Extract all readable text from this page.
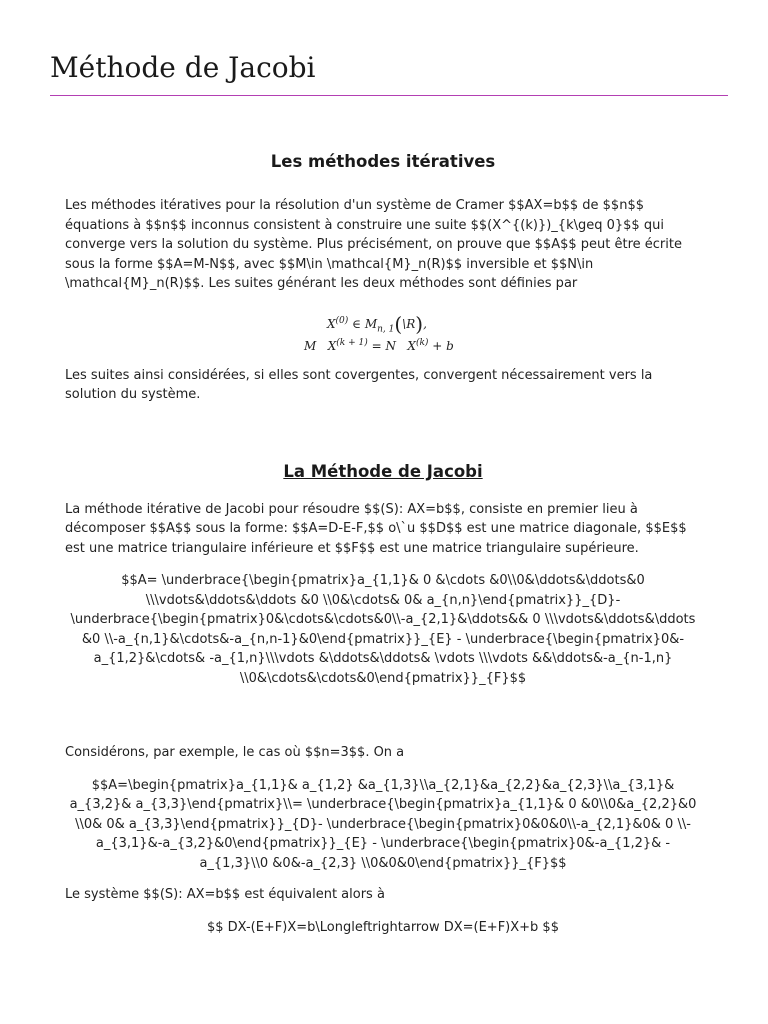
Méthode de Jacobi
Les méthodes itératives

Les méthodes itératives pour la résolution d'un système de Cramer $$AX=b$$ de $$n$$ équations à $$n$$ inconnus consistent à construire une suite $$(X^{(k)})_{k\geq 0}$$ qui converge vers la solution du système. Plus précisément, on prouve que $$A$$ peut être écrite sous la forme $$A=M-N$$, avec $$M\in \mathcal{M}_n(R)$$ inversible et $$N\in \mathcal{M}_n(R)$$. Les suites générant les deux méthodes sont définies par

$X^{(0)}$ ∈ $M_{n, 1}(\backslash R)$,
M $X^{(k + 1)} = N$ $X^{(k)} + b$

Les suites ainsi considérées, si elles sont covergentes, convergent nécessairement vers la solution du système.

La Méthode de Jacobi

La méthode itérative de Jacobi pour résoudre $$(S): AX=b$$, consiste en premier lieu à décomposer $$A$$ sous la forme: $$A=D-E-F,$$ o\`u $$D$$ est une matrice diagonale, $$E$$ est une matrice triangulaire inférieure et $$F$$ est une matrice triangulaire supérieure.

$$A= \underbrace{\begin{pmatrix}a_{1,1}& 0 &\cdots &0\\0&\ddots&\ddots&0 \\\vdots&\ddots&\ddots &0 \\0&\cdots& 0& a_{n,n}\end{pmatrix}}_{D}- \underbrace{\begin{pmatrix}0&\cdots&\cdots&0\\-a_{2,1}&\ddots&& 0 \\\vdots&\ddots&\ddots &0 \\-a_{n,1}&\cdots&-a_{n,n-1}&0\end{pmatrix}}_{E} - \underbrace{\begin{pmatrix}0&-a_{1,2}&\cdots& -a_{1,n}\\\vdots &\ddots&\ddots& \vdots \\\vdots &&\ddots&-a_{n-1,n} \\0&\cdots&\cdots&0\end{pmatrix}}_{F}$$

Considérons, par exemple, le cas où $$n=3$$. On a

$$A=\begin{pmatrix}a_{1,1}& a_{1,2} &a_{1,3}\\a_{2,1}&a_{2,2}&a_{2,3}\\a_{3,1}& a_{3,2}& a_{3,3}\end{pmatrix}\\= \underbrace{\begin{pmatrix}a_{1,1}& 0 &0\\0&a_{2,2}&0 \\0& 0& a_{3,3}\end{pmatrix}}_{D}- \underbrace{\begin{pmatrix}0&0&0\\-a_{2,1}&0& 0 \\-a_{3,1}&-a_{3,2}&0\end{pmatrix}}_{E} - \underbrace{\begin{pmatrix}0&-a_{1,2}& -a_{1,3}\\0 &0&-a_{2,3} \\0&0&0\end{pmatrix}}_{F}$$

Le système $$(S): AX=b$$ est équivalent alors à

$$ DX-(E+F)X=b\Longleftrightarrow DX=(E+F)X+b $$
